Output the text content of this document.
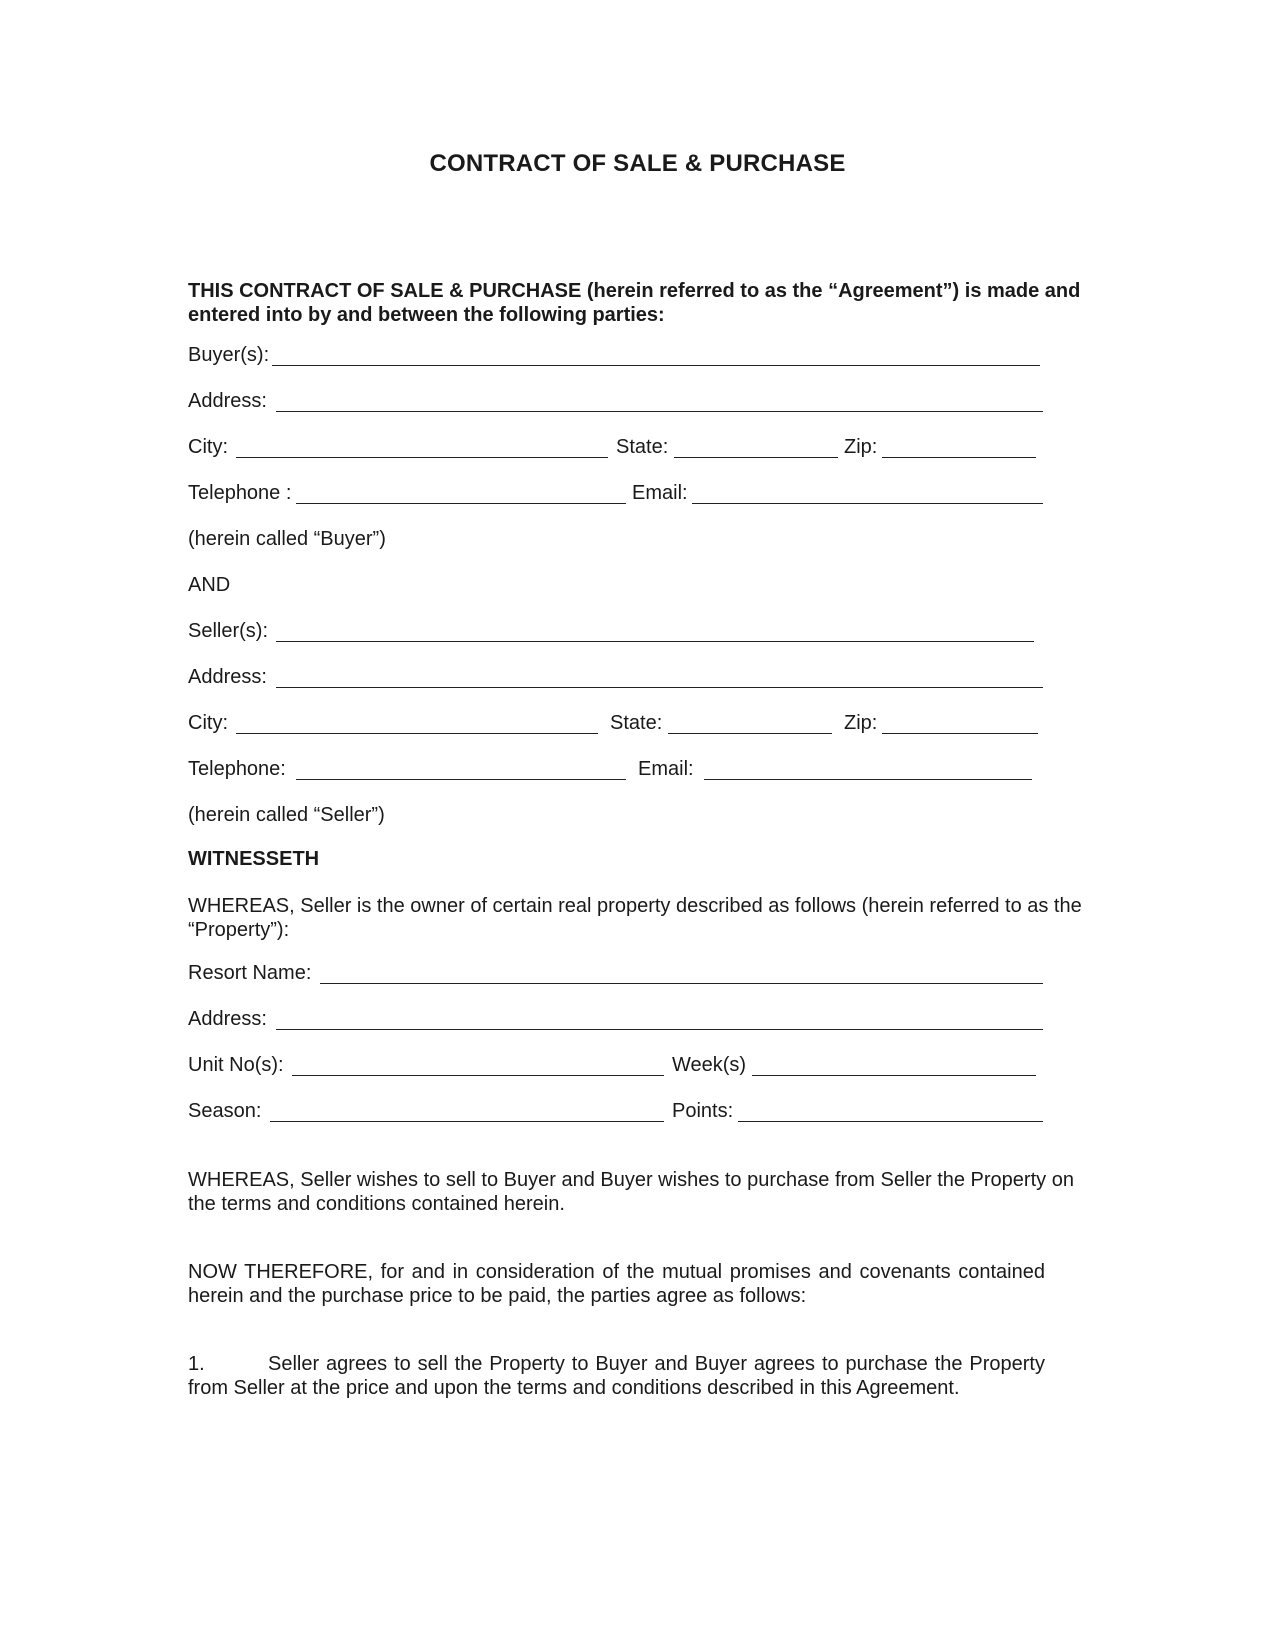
CONTRACT OF SALE & PURCHASE
THIS CONTRACT OF SALE & PURCHASE (herein referred to as the “Agreement”) is made and entered into by and between the following parties:
Buyer(s):
Address:
City:	State:	Zip:
Telephone :	Email:
(herein called “Buyer”)
AND
Seller(s):
Address:
City:	State:	Zip:
Telephone:	Email:
(herein called “Seller”)
WITNESSETH
WHEREAS, Seller is the owner of certain real property described as follows (herein referred to as the “Property”):
Resort Name:
Address:
Unit No(s):	Week(s)
Season:	Points:
WHEREAS, Seller wishes to sell to Buyer and Buyer wishes to purchase from Seller the Property on the terms and conditions contained herein.
NOW THEREFORE, for and in consideration of the mutual promises and covenants contained herein and the purchase price to be paid, the parties agree as follows:
1.	Seller agrees to sell the Property to Buyer and Buyer agrees to purchase the Property from Seller at the price and upon the terms and conditions described in this Agreement.
